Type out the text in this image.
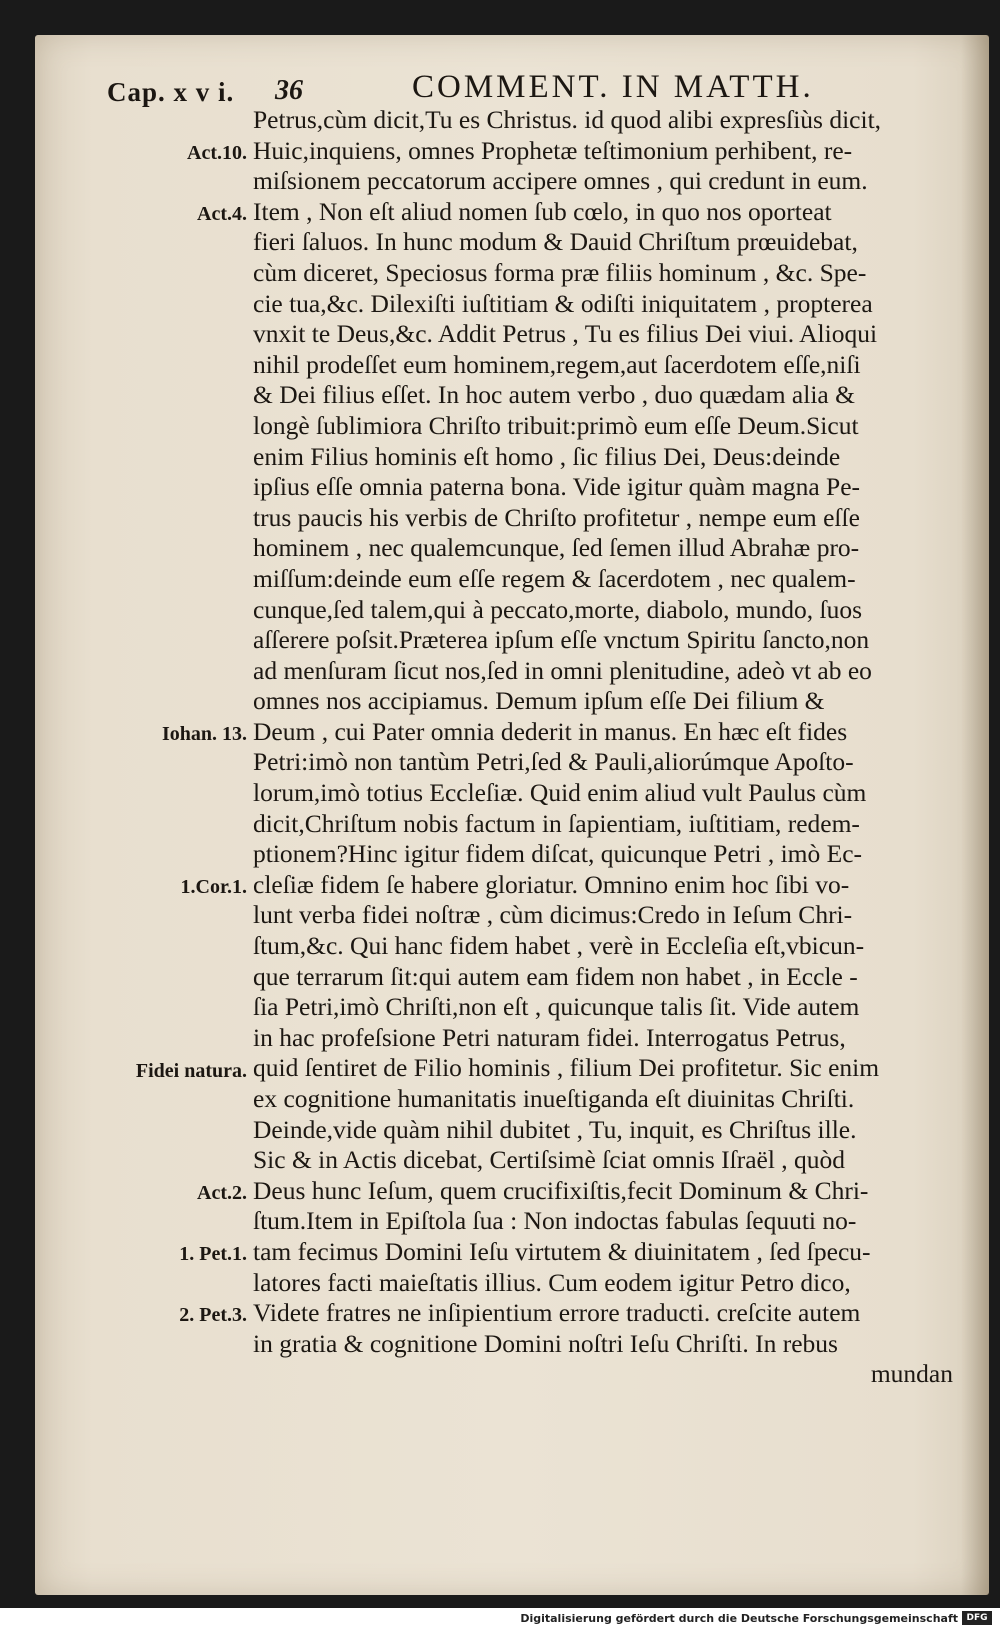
Cap. x v i. 36	COMMENT. IN MATTH.
Act.10.
Act.4.
Iohan. 13.
1.Cor.1.
Fidei natura.
Act.2.
1. Pet.1.
2. Pet.3.
Petrus,cùm dicit,Tu es Christus. id quod alibi expresſiùs dicit,
Huic,inquiens, omnes Prophetæ teſtimonium perhibent, re-
miſsionem peccatorum accipere omnes , qui credunt in eum.
Item , Non eſt aliud nomen ſub cœlo, in quo nos oporteat
fieri ſaluos. In hunc modum & Dauid Chriſtum prœuidebat,
cùm diceret, Speciosus forma præ filiis hominum , &c. Spe-
cie tua,&c. Dilexiſti iuſtitiam & odiſti iniquitatem , propterea
vnxit te Deus,&c. Addit Petrus , Tu es filius Dei viui. Alioqui
nihil prodeſſet eum hominem,regem,aut ſacerdotem eſſe,niſi
& Dei filius eſſet. In hoc autem verbo , duo quædam alia &
longè ſublimiora Chriſto tribuit:primò eum eſſe Deum.Sicut
enim Filius hominis eſt homo , ſic filius Dei, Deus:deinde
ipſius eſſe omnia paterna bona. Vide igitur quàm magna Pe-
trus paucis his verbis de Chriſto profitetur , nempe eum eſſe
hominem , nec qualemcunque, ſed ſemen illud Abrahæ pro-
miſſum:deinde eum eſſe regem & ſacerdotem , nec qualem-
cunque,ſed talem,qui à peccato,morte, diabolo, mundo, ſuos
aſſerere poſsit.Præterea ipſum eſſe vnctum Spiritu ſancto,non
ad menſuram ſicut nos,ſed in omni plenitudine, adeò vt ab eo
omnes nos accipiamus. Demum ipſum eſſe Dei filium &
Deum , cui Pater omnia dederit in manus. En hæc eſt fides
Petri:imò non tantùm Petri,ſed & Pauli,aliorúmque Apoſto-
lorum,imò totius Eccleſiæ. Quid enim aliud vult Paulus cùm
dicit,Chriſtum nobis factum in ſapientiam, iuſtitiam, redem-
ptionem?Hinc igitur fidem diſcat, quicunque Petri , imò Ec-
cleſiæ fidem ſe habere gloriatur. Omnino enim hoc ſibi vo-
lunt verba fidei noſtræ , cùm dicimus:Credo in Ieſum Chri-
ſtum,&c. Qui hanc fidem habet , verè in Eccleſia eſt,vbicun-
que terrarum ſit:qui autem eam fidem non habet , in Eccle -
ſia Petri,imò Chriſti,non eſt , quicunque talis ſit. Vide autem
in hac profeſsione Petri naturam fidei. Interrogatus Petrus,
quid ſentiret de Filio hominis , filium Dei profitetur. Sic enim
ex cognitione humanitatis inueſtiganda eſt diuinitas Chriſti.
Deinde,vide quàm nihil dubitet , Tu, inquit, es Chriſtus ille.
Sic & in Actis dicebat, Certiſsimè ſciat omnis Iſraël , quòd
Deus hunc Ieſum, quem crucifixiſtis,fecit Dominum & Chri-
ſtum.Item in Epiſtola ſua : Non indoctas fabulas ſequuti no-
tam fecimus Domini Ieſu virtutem & diuinitatem , ſed ſpecu-
latores facti maieſtatis illius. Cum eodem igitur Petro dico,
Videte fratres ne inſipientium errore traducti. creſcite autem
in gratia & cognitione Domini noſtri Ieſu Chriſti. In rebus
mundan
Digitalisierung gefördert durch die Deutsche Forschungsgemeinschaft DFG
